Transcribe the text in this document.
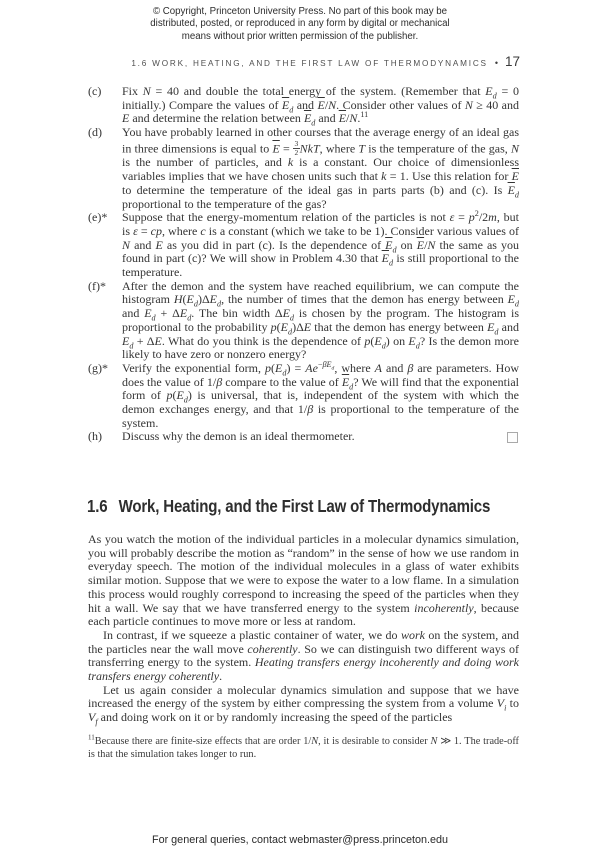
© Copyright, Princeton University Press. No part of this book may be
distributed, posted, or reproduced in any form by digital or mechanical
means without prior written permission of the publisher.
1.6 WORK, HEATING, AND THE FIRST LAW OF THERMODYNAMICS • 17
(c)	Fix N = 40 and double the total energy of the system. (Remember that $E_d = 0$ initially.) Compare the values of $\overline{E}_d$ and $\overline{E}/N$. Consider other values of N ≥ 40 and E and determine the relation between $\overline{E}_d$ and $\overline{E}/N.^{11}$
(d)	You have probably learned in other courses that the average energy of an ideal gas in three dimensions is equal to $\overline{E} = \frac{3}{2}$ NkT, where T is the temperature of the gas, N is the number of particles, and k is a constant. Our choice of dimensionless variables implies that we have chosen units such that k = 1. Use this relation for $\overline{E}$ to determine the temperature of the ideal gas in parts parts (b) and (c). Is $\overline{E}_d$ proportional to the temperature of the gas?
(e)*	Suppose that the energy-momentum relation of the particles is not $\varepsilon = p^2/2m$, but is ε = cp, where c is a constant (which we take to be 1). Consider various values of N and E as you did in part (c). Is the dependence of $\overline{E}_d$ on $\overline{E}/N$ the same as you found in part (c)? We will show in Problem 4.30 that $\overline{E}_d$ is still proportional to the temperature.
(f)*	After the demon and the system have reached equilibrium, we can compute the histogram $H(E_d)\Delta E_d$, the number of times that the demon has energy between $E_d$ and $E_d + \Delta E_d$. The bin width $\Delta E_d$ is chosen by the program. The histogram is proportional to the probability $p(E_d)\Delta E$ that the demon has energy between $E_d$ and $E_d + \Delta E$. What do you think is the dependence of $p(E_d)$ on $E_d$? Is the demon more likely to have zero or nonzero energy?
(g)*	Verify the exponential form, $p(E_d) = Ae^{-\beta E_d}$, where A and β are parameters. How does the value of 1/β compare to the value of $\overline{E}_d$? We will find that the exponential form of $p(E_d)$ is universal, that is, independent of the system with which the demon exchanges energy, and that 1/β is proportional to the temperature of the system.
(h)	Discuss why the demon is an ideal thermometer.
1.6 Work, Heating, and the First Law of Thermodynamics
As you watch the motion of the individual particles in a molecular dynamics simulation, you will probably describe the motion as “random” in the sense of how we use random in everyday speech. The motion of the individual molecules in a glass of water exhibits similar motion. Suppose that we were to expose the water to a low flame. In a simulation this process would roughly correspond to increasing the speed of the particles when they hit a wall. We say that we have transferred energy to the system incoherently, because each particle continues to move more or less at random.
In contrast, if we squeeze a plastic container of water, we do work on the system, and the particles near the wall move coherently. So we can distinguish two different ways of transferring energy to the system. Heating transfers energy incoherently and doing work transfers energy coherently.
Let us again consider a molecular dynamics simulation and suppose that we have increased the energy of the system by either compressing the system from a volume $V_i$ to $V_f$ and doing work on it or by randomly increasing the speed of the particles
$^{11}$Because there are finite-size effects that are order 1/N, it is desirable to consider N ≫ 1. The trade-off is that the simulation takes longer to run.
For general queries, contact webmaster@press.princeton.edu
